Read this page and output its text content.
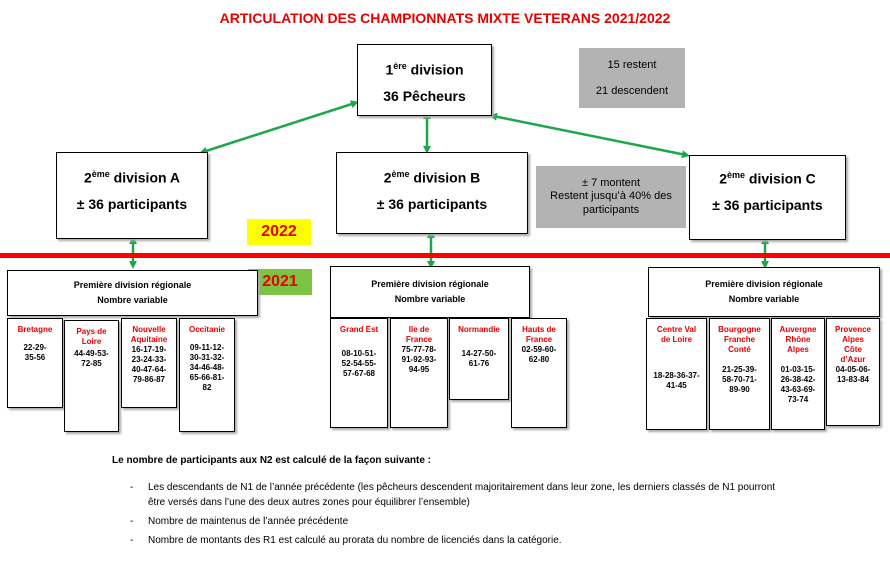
ARTICULATION DES CHAMPIONNATS MIXTE VETERANS 2021/2022
1ère division
36 Pêcheurs
15 restent
21 descendent
2ème division A
± 36 participants
2ème division B
± 36 participants
± 7 montent
Restent jusqu’à 40% des participants
2ème division C
± 36 participants
2022
2021
Première division régionale
Nombre variable
Première division régionale
Nombre variable
Première division régionale
Nombre variable
Bretagne
22-29-35-56
Pays de Loire
44-49-53-72-85
Nouvelle Aquitaine
16-17-19-23-24-33-40-47-64-79-86-87
Occitanie
09-11-12-30-31-32-34-46-48-65-66-81-82
Grand Est
08-10-51-52-54-55-57-67-68
Ile de France
75-77-78-91-92-93-94-95
Normandie
14-27-50-61-76
Hauts de France
02-59-60-62-80
Centre Val de Loire
18-28-36-37-41-45
Bourgogne Franche Conté
21-25-39-58-70-71-89-90
Auvergne Rhône Alpes
01-03-15-26-38-42-43-63-69-73-74
Provence Alpes Côte d’Azur
04-05-06-13-83-84
Le nombre de participants aux N2 est calculé de la façon suivante :
- Les descendants de N1 de l’année précédente (les pêcheurs descendent majoritairement dans leur zone, les derniers classés de N1 pourront être versés dans l’une des deux autres zones pour équilibrer l’ensemble)
- Nombre de maintenus de l’année précédente
- Nombre de montants des R1 est calculé au prorata du nombre de licenciés dans la catégorie.
